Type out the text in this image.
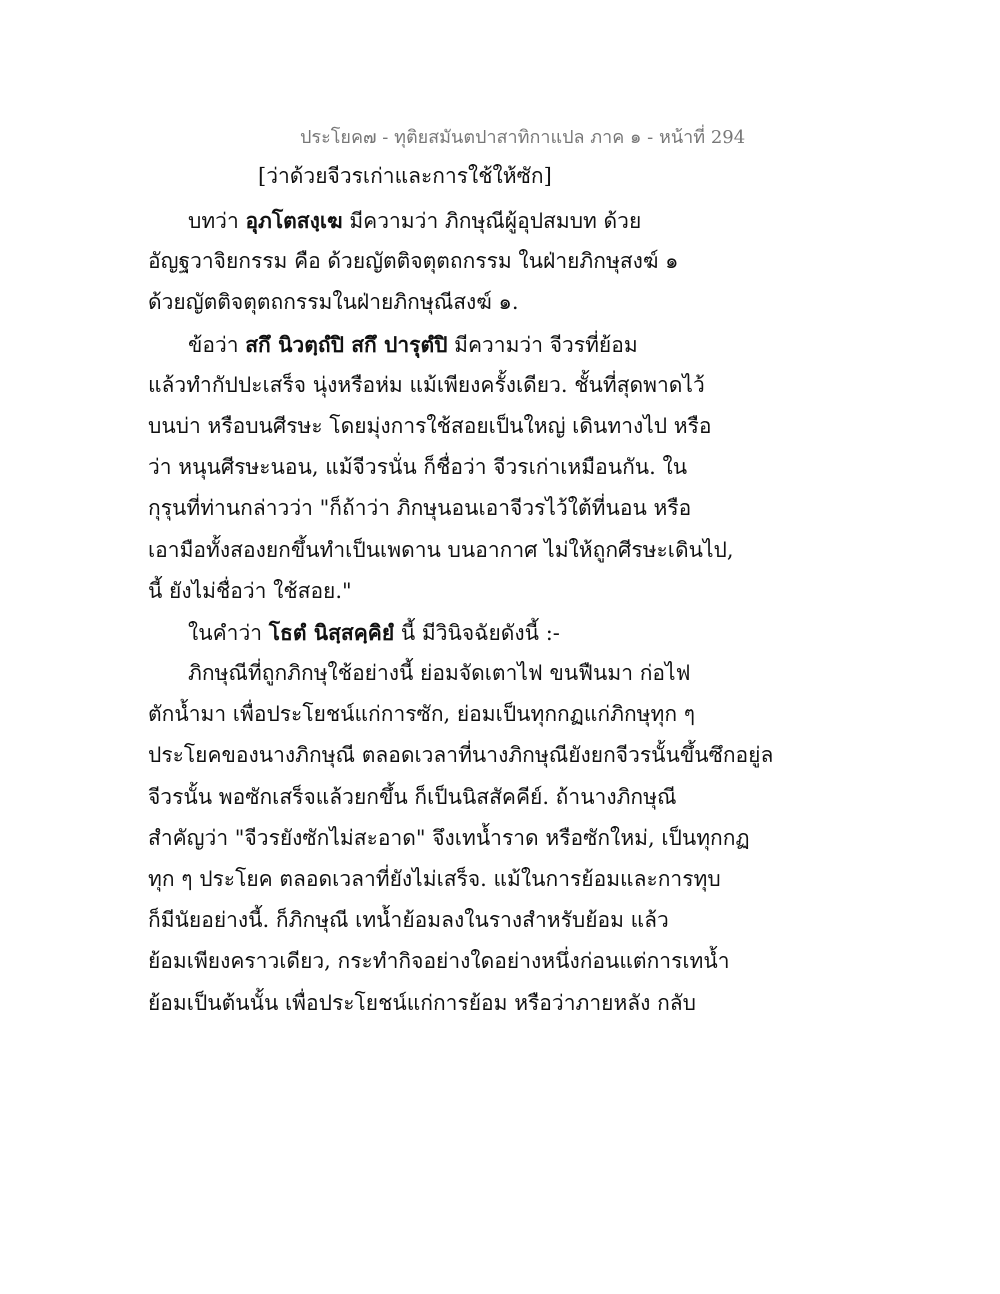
ประโยค๗ - ทุติยสมันตปาสาทิกาแปล ภาค ๑ - หน้าที่ 294
[ว่าด้วยจีวรเก่าและการใช้ให้ซัก]
บทว่า อุภโตสงฺเฆ มีความว่า ภิกษุณีผู้อุปสมบท ด้วย
อัญฐวาจิยกรรม คือ ด้วยญัตติจตุตถกรรม ในฝ่ายภิกษุสงฆ์ ๑
ด้วยญัตติจตุตถกรรมในฝ่ายภิกษุณีสงฆ์ ๑.
ข้อว่า สกึ นิวตฺถํปิ สกึ ปารุตํปิ มีความว่า จีวรที่ย้อม
แล้วทำกัปปะเสร็จ นุ่งหรือห่ม แม้เพียงครั้งเดียว. ชั้นที่สุดพาดไว้
บนบ่า หรือบนศีรษะ โดยมุ่งการใช้สอยเป็นใหญ่ เดินทางไป หรือ
ว่า หนุนศีรษะนอน, แม้จีวรนั่น ก็ชื่อว่า จีวรเก่าเหมือนกัน. ใน
กุรุนที่ท่านกล่าวว่า "ก็ถ้าว่า ภิกษุนอนเอาจีวรไว้ใต้ที่นอน หรือ
เอามือทั้งสองยกขึ้นทำเป็นเพดาน บนอากาศ ไม่ให้ถูกศีรษะเดินไป,
นี้ ยังไม่ชื่อว่า ใช้สอย."
ในคำว่า โธตํ นิสฺสคฺคิยํ นี้ มีวินิจฉัยดังนี้ :-
ภิกษุณีที่ถูกภิกษุใช้อย่างนี้ ย่อมจัดเตาไฟ ขนฟืนมา ก่อไฟ
ตักน้ำมา เพื่อประโยชน์แก่การซัก, ย่อมเป็นทุกกฏแก่ภิกษุทุก ๆ
ประโยคของนางภิกษุณี ตลอดเวลาที่นางภิกษุณียังยกจีวรนั้นขึ้นซึกอยู่ล
จีวรนั้น พอซักเสร็จแล้วยกขึ้น ก็เป็นนิสสัคคีย์. ถ้านางภิกษุณี
สำคัญว่า "จีวรยังซักไม่สะอาด" จึงเทน้ำราด หรือซักใหม่, เป็นทุกกฏ
ทุก ๆ ประโยค ตลอดเวลาที่ยังไม่เสร็จ. แม้ในการย้อมและการทุบ
ก็มีนัยอย่างนี้. ก็ภิกษุณี เทน้ำย้อมลงในรางสำหรับย้อม แล้ว
ย้อมเพียงคราวเดียว, กระทำกิจอย่างใดอย่างหนึ่งก่อนแต่การเทน้ำ
ย้อมเป็นต้นนั้น เพื่อประโยชน์แก่การย้อม หรือว่าภายหลัง กลับ
